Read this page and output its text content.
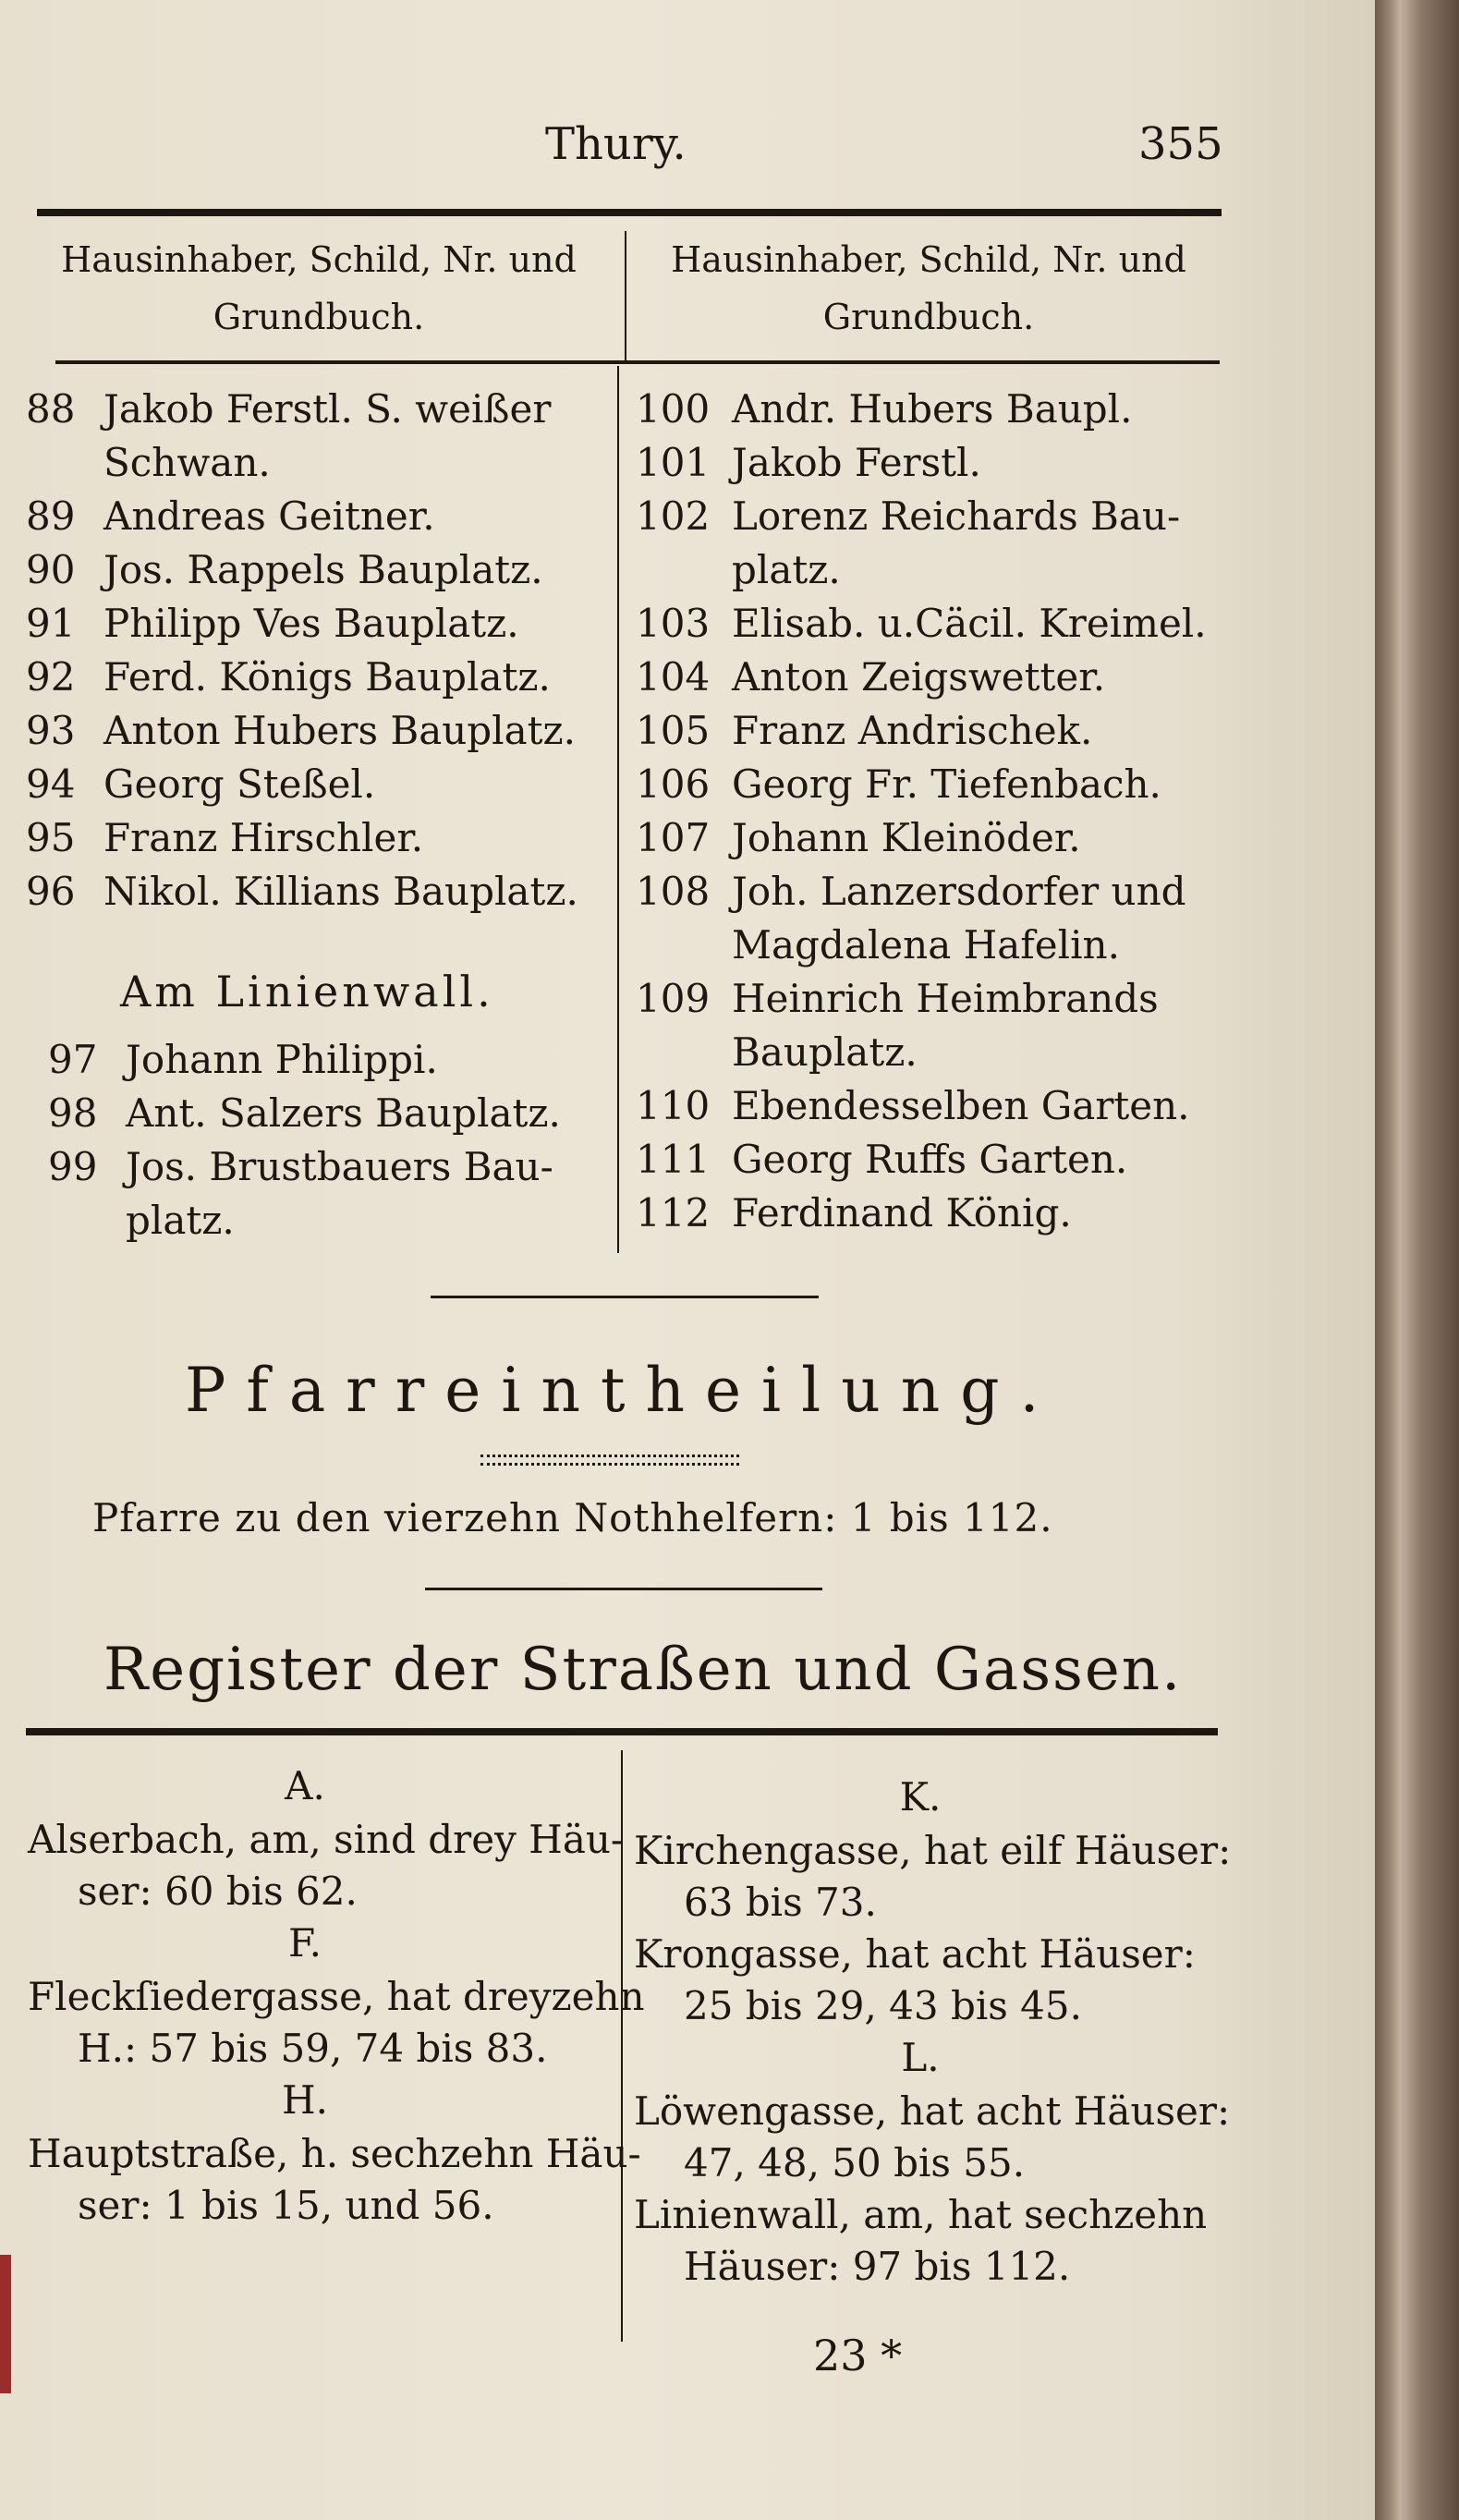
Thury.	355
Hausinhaber, Schild, Nr. und
Grundbuch.
Hausinhaber, Schild, Nr. und
Grundbuch.
88 Jakob Ferstl. S. weißer
Schwan.
89 Andreas Geitner.
90 Jos. Rappels Bauplatz.
91 Philipp Ves Bauplatz.
92 Ferd. Königs Bauplatz.
93 Anton Hubers Bauplatz.
94 Georg Steßel.
95 Franz Hirschler.
96 Nikol. Killians Bauplatz.
Am Linienwall.
97 Johann Philippi.
98 Ant. Salzers Bauplatz.
99 Jos. Brustbauers Bau-
platz.
100 Andr. Hubers Baupl.
101 Jakob Ferstl.
102 Lorenz Reichards Bau-
platz.
103 Elisab. u.Cäcil. Kreimel.
104 Anton Zeigswetter.
105 Franz Andrischek.
106 Georg Fr. Tiefenbach.
107 Johann Kleinöder.
108 Joh. Lanzersdorfer und
Magdalena Hafelin.
109 Heinrich Heimbrands
Bauplatz.
110 Ebendesselben Garten.
111 Georg Ruffs Garten.
112 Ferdinand König.
Pfarreintheilung.
Pfarre zu den vierzehn Nothhelfern: 1 bis 112.
Register der Straßen und Gassen.
A.
Alserbach, am, sind drey Häu-
ser: 60 bis 62.
F.
Fleckſiedergasse, hat dreyzehn
H.: 57 bis 59, 74 bis 83.
H.
Hauptstraße, h. sechzehn Häu-
ser: 1 bis 15, und 56.
K.
Kirchengasse, hat eilf Häuser:
63 bis 73.
Krongasse, hat acht Häuser:
25 bis 29, 43 bis 45.
L.
Löwengasse, hat acht Häuser:
47, 48, 50 bis 55.
Linienwall, am, hat sechzehn
Häuser: 97 bis 112.
23 *
